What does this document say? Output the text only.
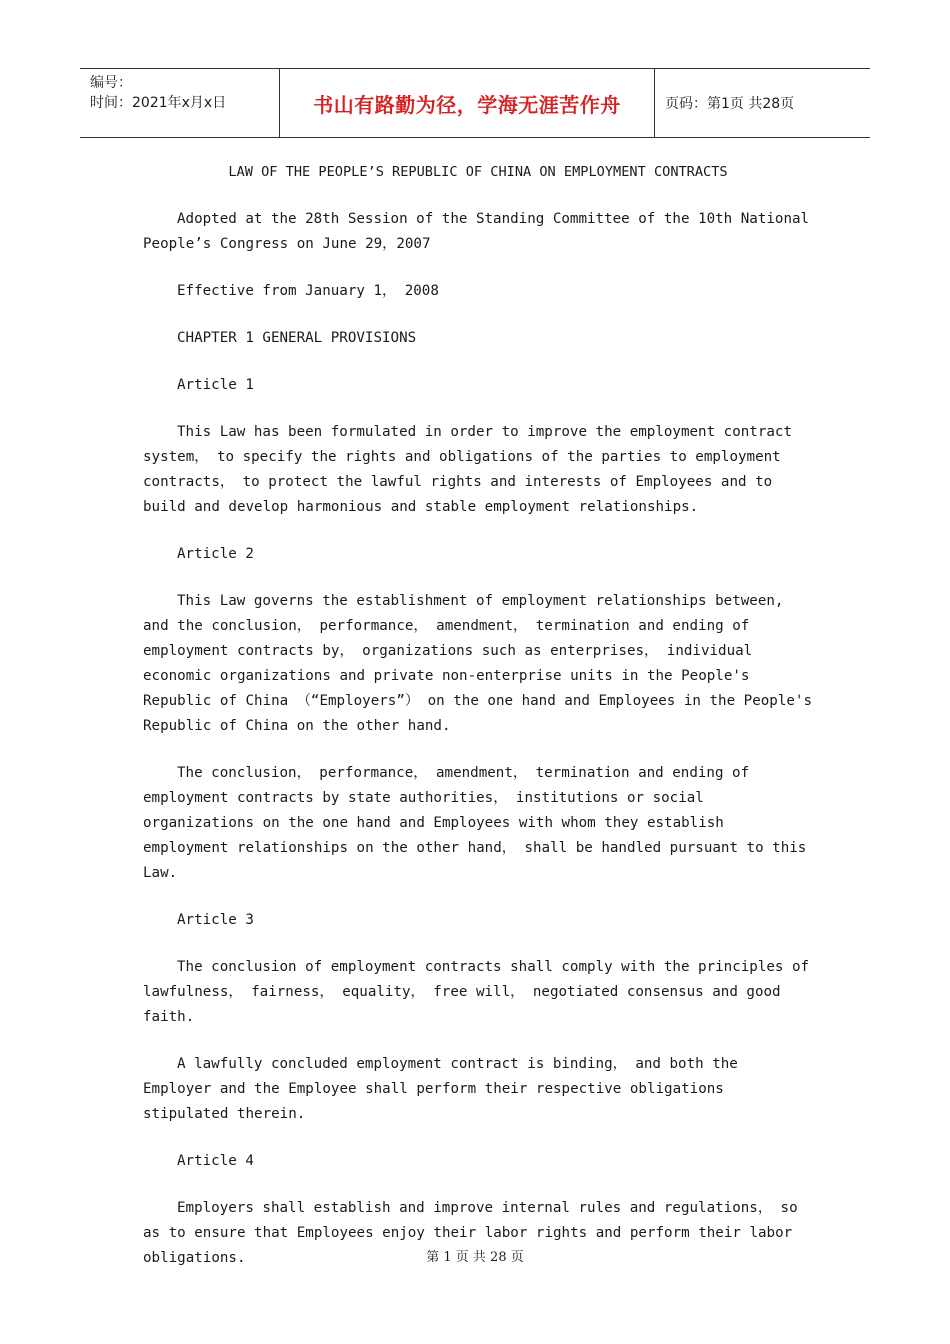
编号：
时间：2021年x月x日	书山有路勤为径，学海无涯苦作舟	页码：第1页 共28页
LAW OF THE PEOPLE’S REPUBLIC OF CHINA ON EMPLOYMENT CONTRACTS

Adopted at the 28th Session of the Standing Committee of the 10th National People’s Congress on June 29，2007

Effective from January 1， 2008

CHAPTER 1 GENERAL PROVISIONS

Article 1

This Law has been formulated in order to improve the employment contract system， to specify the rights and obligations of the parties to employment contracts， to protect the lawful rights and interests of Employees and to build and develop harmonious and stable employment relationships.

Article 2

This Law governs the establishment of employment relationships between, and the conclusion， performance， amendment， termination and ending of employment contracts by， organizations such as enterprises， individual economic organizations and private non-enterprise units in the People's Republic of China （“Employers”） on the one hand and Employees in the People's Republic of China on the other hand.

The conclusion， performance， amendment， termination and ending of employment contracts by state authorities， institutions or social organizations on the one hand and Employees with whom they establish employment relationships on the other hand， shall be handled pursuant to this Law.

Article 3

The conclusion of employment contracts shall comply with the principles of lawfulness， fairness， equality， free will， negotiated consensus and good faith.

A lawfully concluded employment contract is binding， and both the Employer and the Employee shall perform their respective obligations stipulated therein.

Article 4

Employers shall establish and improve internal rules and regulations， so as to ensure that Employees enjoy their labor rights and perform their labor obligations.	第 1 页 共 28 页
